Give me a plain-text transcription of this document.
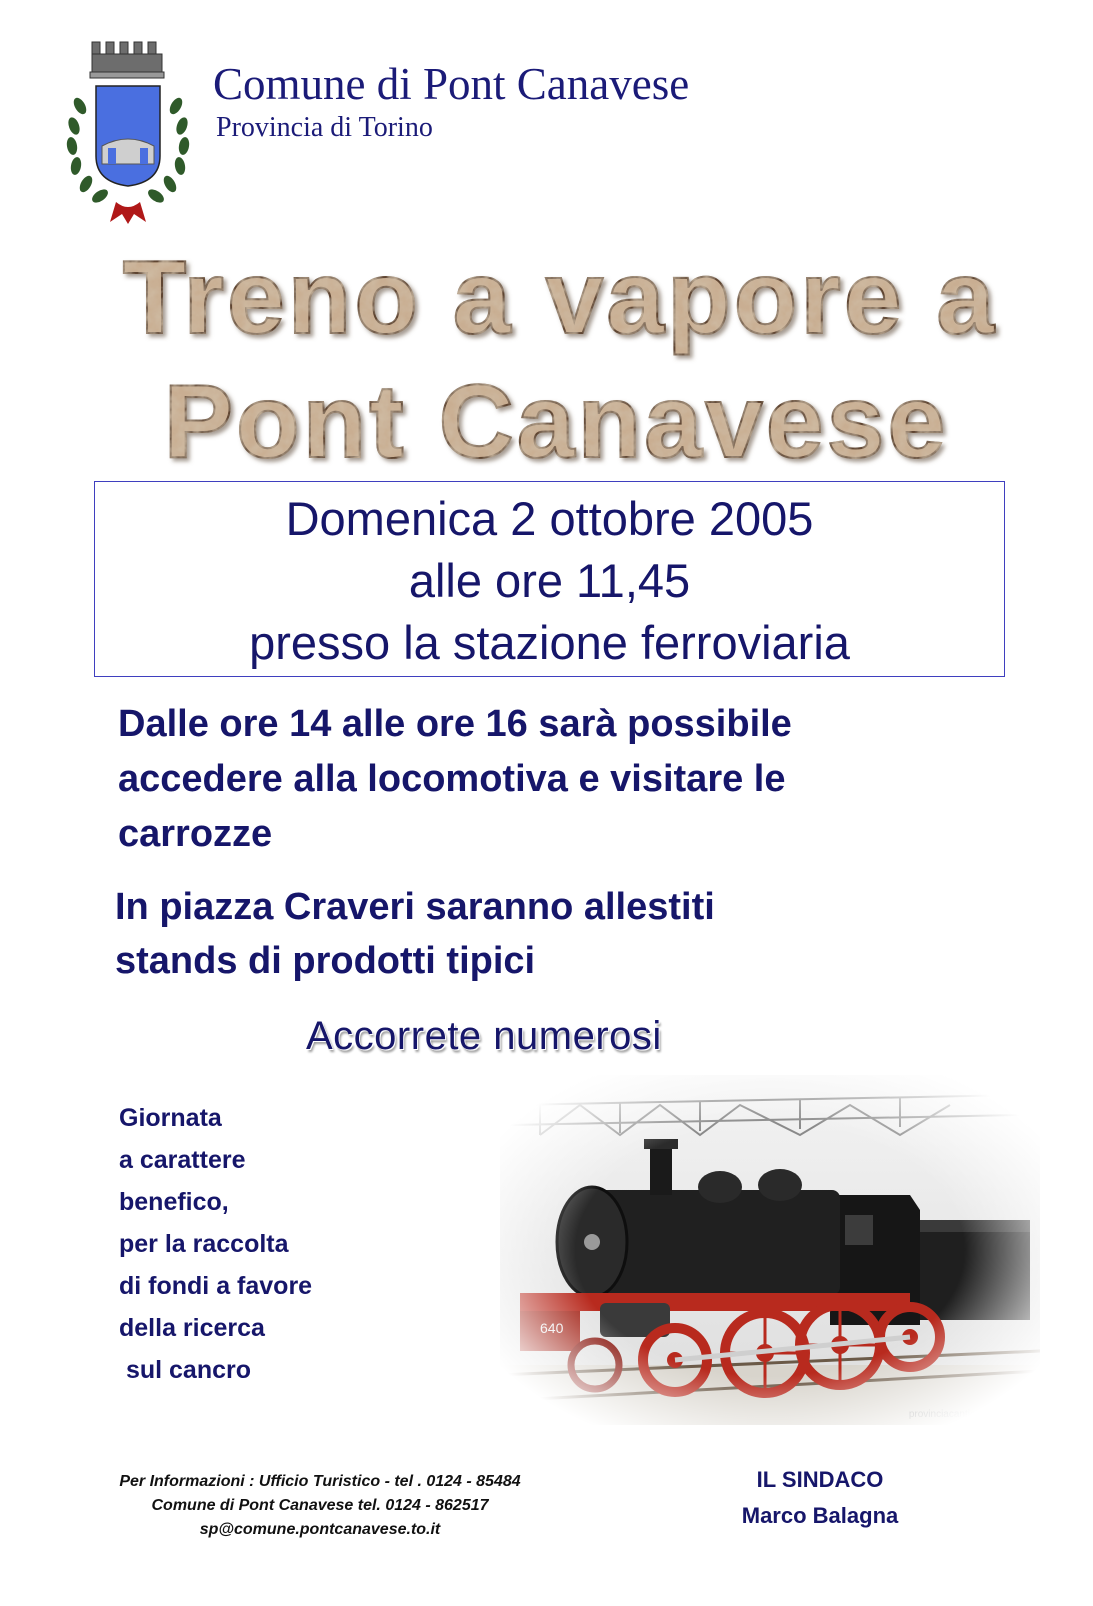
Comune di Pont Canavese
Provincia di Torino
Treno a vapore a
Pont Canavese
Domenica 2 ottobre 2005
alle ore 11,45
presso la stazione ferroviaria
Dalle ore 14 alle ore 16 sarà possibile
accedere alla locomotiva e visitare le
carrozze
In piazza Craveri saranno allestiti
stands di prodotti tipici
Accorrete numerosi
Giornata
a carattere
benefico,
per la raccolta
di fondi a favore
della ricerca
sul cancro
Per Informazioni : Ufficio Turistico - tel . 0124 - 85484
Comune di Pont Canavese tel. 0124 - 862517
sp@comune.pontcanavese.to.it
IL SINDACO
Marco Balagna
